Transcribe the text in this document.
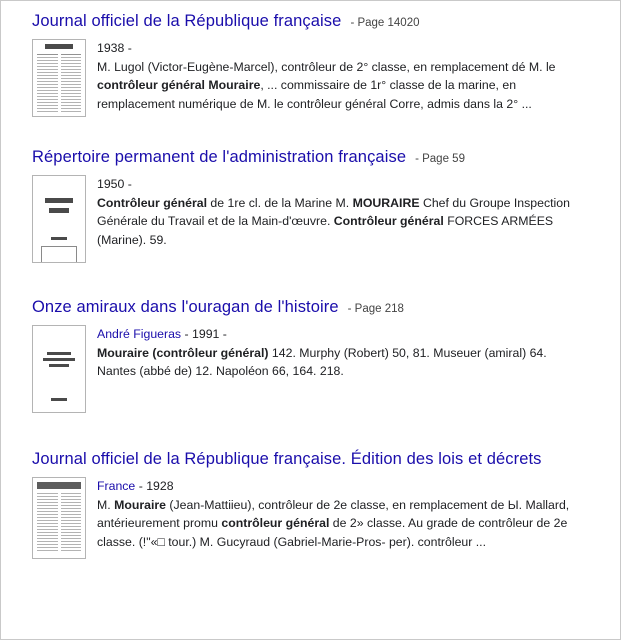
Journal officiel de la République française - Page 14020
1938 -
M. Lugol (Victor-Eugène-Marcel), contrôleur de 2° classe, en remplacement dé M. le contrôleur général Mouraire, ... commissaire de 1r° classe de la marine, en remplacement numérique de M. le contrôleur général Corre, admis dans la 2° ...
Répertoire permanent de l'administration française - Page 59
1950 -
Contrôleur général de 1re cl. de la Marine M. MOURAIRE Chef du Groupe Inspection Générale du Travail et de la Main-d'œuvre. Contrôleur général FORCES ARMÉES (Marine). 59.
Onze amiraux dans l'ouragan de l'histoire - Page 218
André Figueras - 1991 -
Mouraire (contrôleur général) 142. Murphy (Robert) 50, 81. Museuer (amiral) 64. Nantes (abbé de) 12. Napoléon 66, 164. 218.
Journal officiel de la République française. Édition des lois et décrets
France - 1928
M. Mouraire (Jean-Mattiieu), contrôleur de 2e classe, en remplacement de Ы. Mallard, antérieurement promu contrôleur général de 2» classe. Au grade de contrôleur de 2e classe. (!"«□ tour.) M. Gucyraud (Gabriel-Marie-Pros- per). contrôleur ...
